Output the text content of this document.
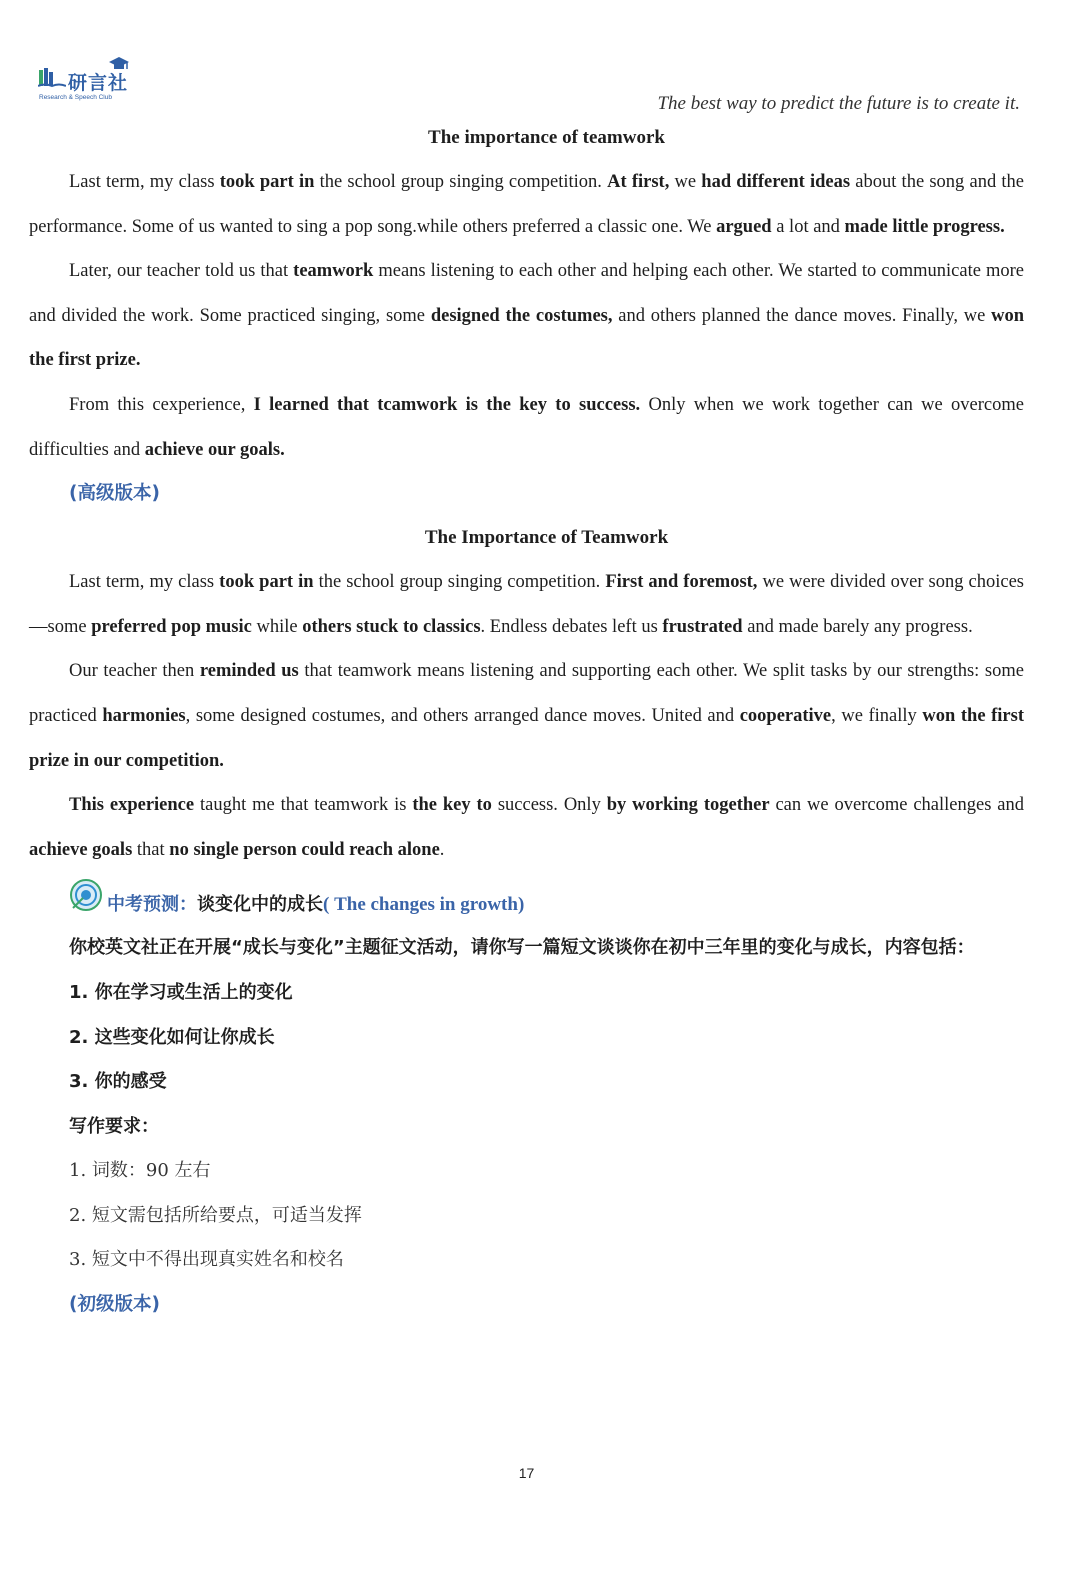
研言社
Research & Speech Club	The best way to predict the future is to create it.
The importance of teamwork

Last term, my class took part in the school group singing competition. At first, we had different ideas about the song and the performance. Some of us wanted to sing a pop song.while others preferred a classic one. We argued a lot and made little progress.

Later, our teacher told us that teamwork means listening to each other and helping each other. We started to communicate more and divided the work. Some practiced singing, some designed the costumes, and others planned the dance moves. Finally, we won the first prize.

From this cexperience, I learned that tcamwork is the key to success. Only when we work together can we overcome difficulties and achieve our goals.

(高级版本)
The Importance of Teamwork

Last term, my class took part in the school group singing competition. First and foremost, we were divided over song choices—some preferred pop music while others stuck to classics. Endless debates left us frustrated and made barely any progress.

Our teacher then reminded us that teamwork means listening and supporting each other. We split tasks by our strengths: some practiced harmonies, some designed costumes, and others arranged dance moves. United and cooperative, we finally won the first prize in our competition.

This experience taught me that teamwork is the key to success. Only by working together can we overcome challenges and achieve goals that no single person could reach alone.

中考预测：谈变化中的成长( The changes in growth)

你校英文社正在开展“成长与变化”主题征文活动，请你写一篇短文谈谈你在初中三年里的变化与成长，内容包括：

1. 你在学习或生活上的变化
2. 这些变化如何让你成长
3. 你的感受
写作要求：
1. 词数：90 左右
2. 短文需包括所给要点，可适当发挥
3. 短文中不得出现真实姓名和校名
(初级版本)
17
